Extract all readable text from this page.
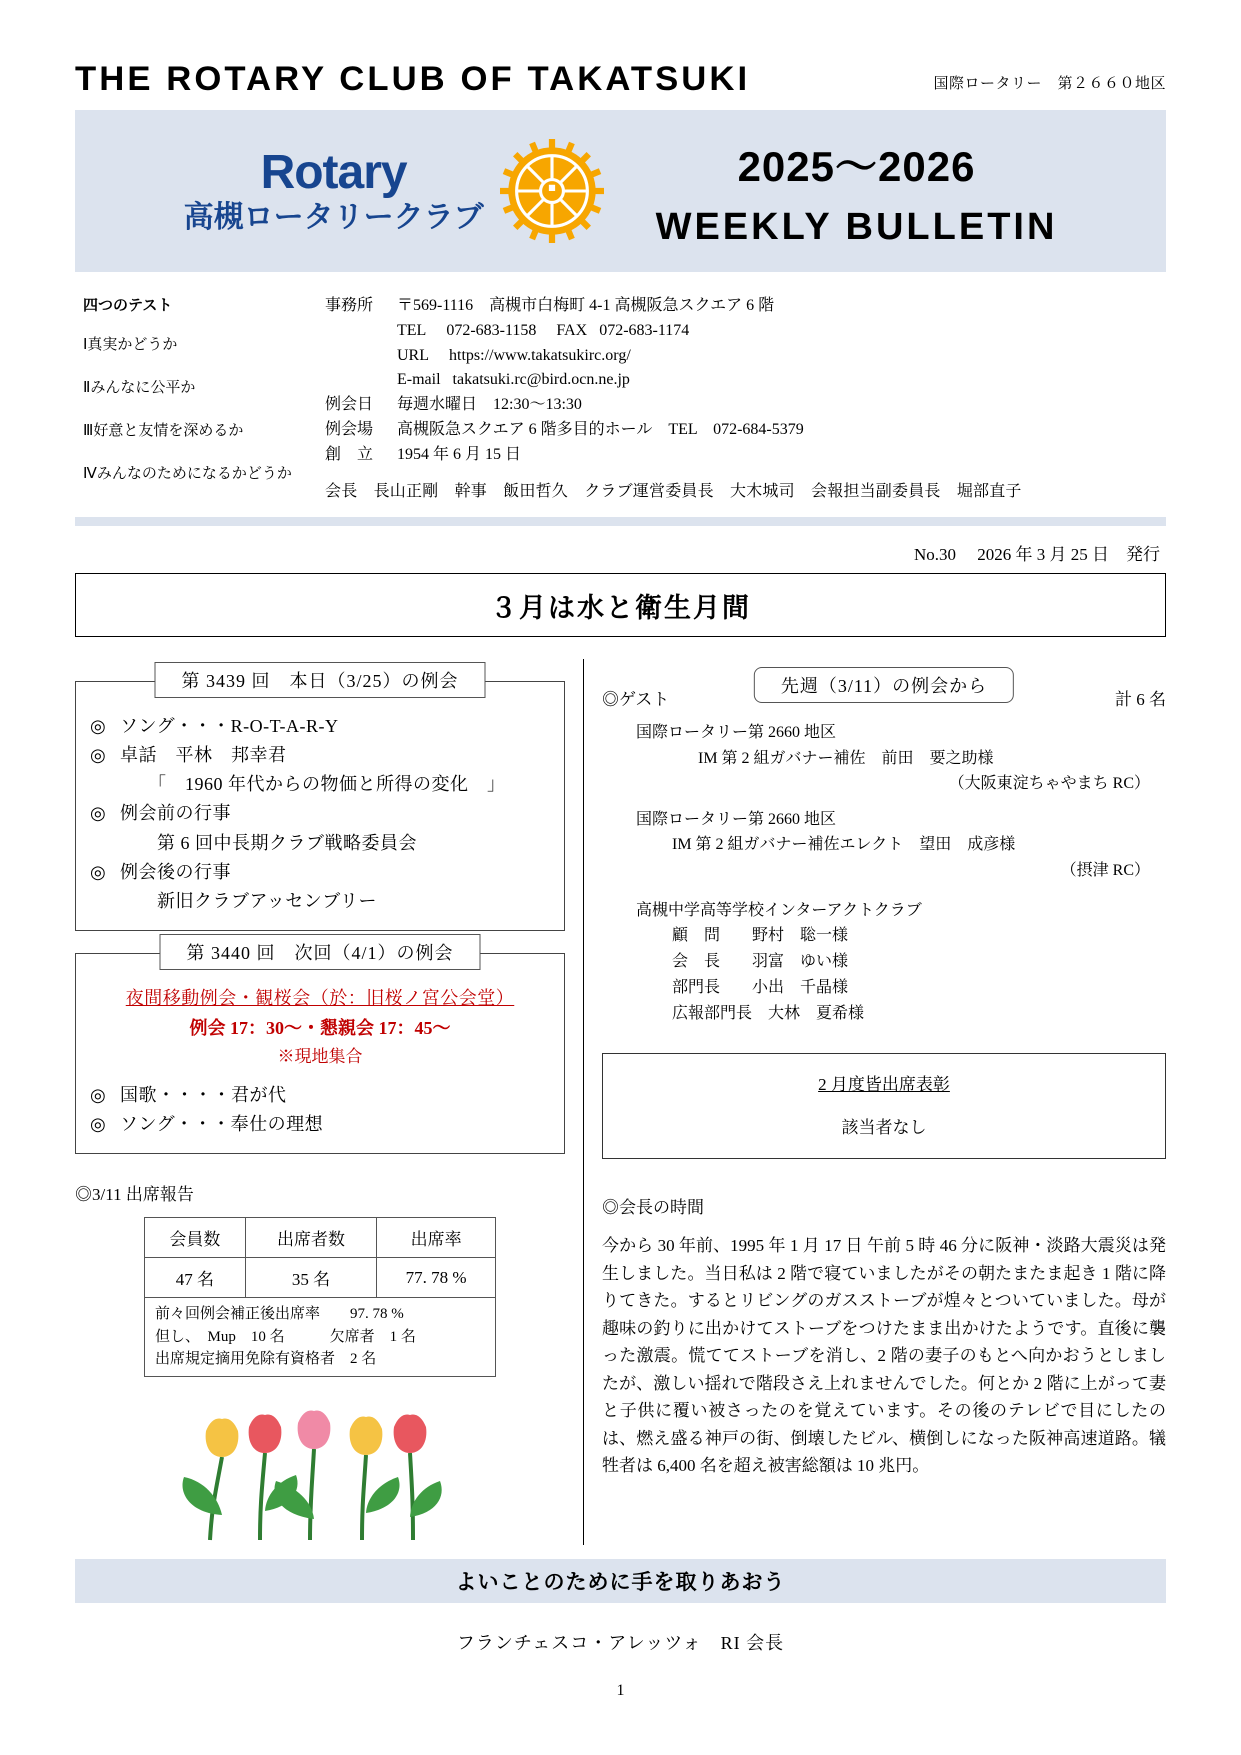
THE ROTARY CLUB OF TAKATSUKI	国際ロータリー　第２６６０地区
Rotary
高槻ロータリークラブ
2025～2026
WEEKLY BULLETIN
四つのテスト
Ⅰ真実かどうか
Ⅱみんなに公平か
Ⅲ好意と友情を深めるか
Ⅳみんなのためになるかどうか
事務所	〒569-1116　高槻市白梅町 4-1 高槻阪急スクエア 6 階
TEL 072-683-1158 FAX 072-683-1174
URL https://www.takatsukirc.org/
E-mail takatsuki.rc@bird.ocn.ne.jp
例会日	毎週水曜日　12:30～13:30
例会場	高槻阪急スクエア 6 階多目的ホール　TEL　072-684-5379
創　立	1954 年 6 月 15 日
会長　長山正剛　幹事　飯田哲久　クラブ運営委員長　大木城司　会報担当副委員長　堀部直子
No.30 2026 年 3 月 25 日 発行
３月は水と衛生月間
第 3439 回　本日（3/25）の例会
◎ ソング・・・R-O-T-A-R-Y
◎ 卓話　平林　邦幸君
　　「　1960 年代からの物価と所得の変化　」
◎ 例会前の行事
　　第 6 回中長期クラブ戦略委員会
◎ 例会後の行事
　　新旧クラブアッセンブリー
第 3440 回　次回（4/1）の例会
夜間移動例会・観桜会（於：旧桜ノ宮公会堂）
例会 17：30～・懇親会 17：45～
※現地集合
◎ 国歌・・・・君が代
◎ ソング・・・奉仕の理想
◎3/11 出席報告
会員数	出席者数	出席率
47 名	35 名	77. 78 %
前々回例会補正後出席率　　97. 78 %
但し、　Mup　10 名　　　欠席者　1 名
出席規定摘用免除有資格者　2 名
先週（3/11）の例会から
◎ゲスト	計 6 名
国際ロータリー第 2660 地区
IM 第 2 組ガバナー補佐　前田　要之助様
（大阪東淀ちゃやまち RC）
国際ロータリー第 2660 地区
IM 第 2 組ガバナー補佐エレクト　望田　成彦様
（摂津 RC）
高槻中学高等学校インターアクトクラブ
顧　問　　 野村　聡一様
会　長　　 羽富　ゆい様
部門長　　 小出　千晶様
広報部門長　 大林　夏希様
2 月度皆出席表彰
該当者なし
◎会長の時間
今から 30 年前、1995 年 1 月 17 日 午前 5 時 46 分に阪神・淡路大震災は発生しました。当日私は 2 階で寝ていましたがその朝たまたま起き 1 階に降りてきた。するとリビングのガスストーブが煌々とついていました。母が趣味の釣りに出かけてストーブをつけたまま出かけたようです。直後に襲った激震。慌ててストーブを消し、2 階の妻子のもとへ向かおうとしましたが、激しい揺れで階段さえ上れませんでした。何とか 2 階に上がって妻と子供に覆い被さったのを覚えています。その後のテレビで目にしたのは、燃え盛る神戸の街、倒壊したビル、横倒しになった阪神高速道路。犠牲者は 6,400 名を超え被害総額は 10 兆円。
よいことのために手を取りあおう
フランチェスコ・アレッツォ　RI 会長
1
